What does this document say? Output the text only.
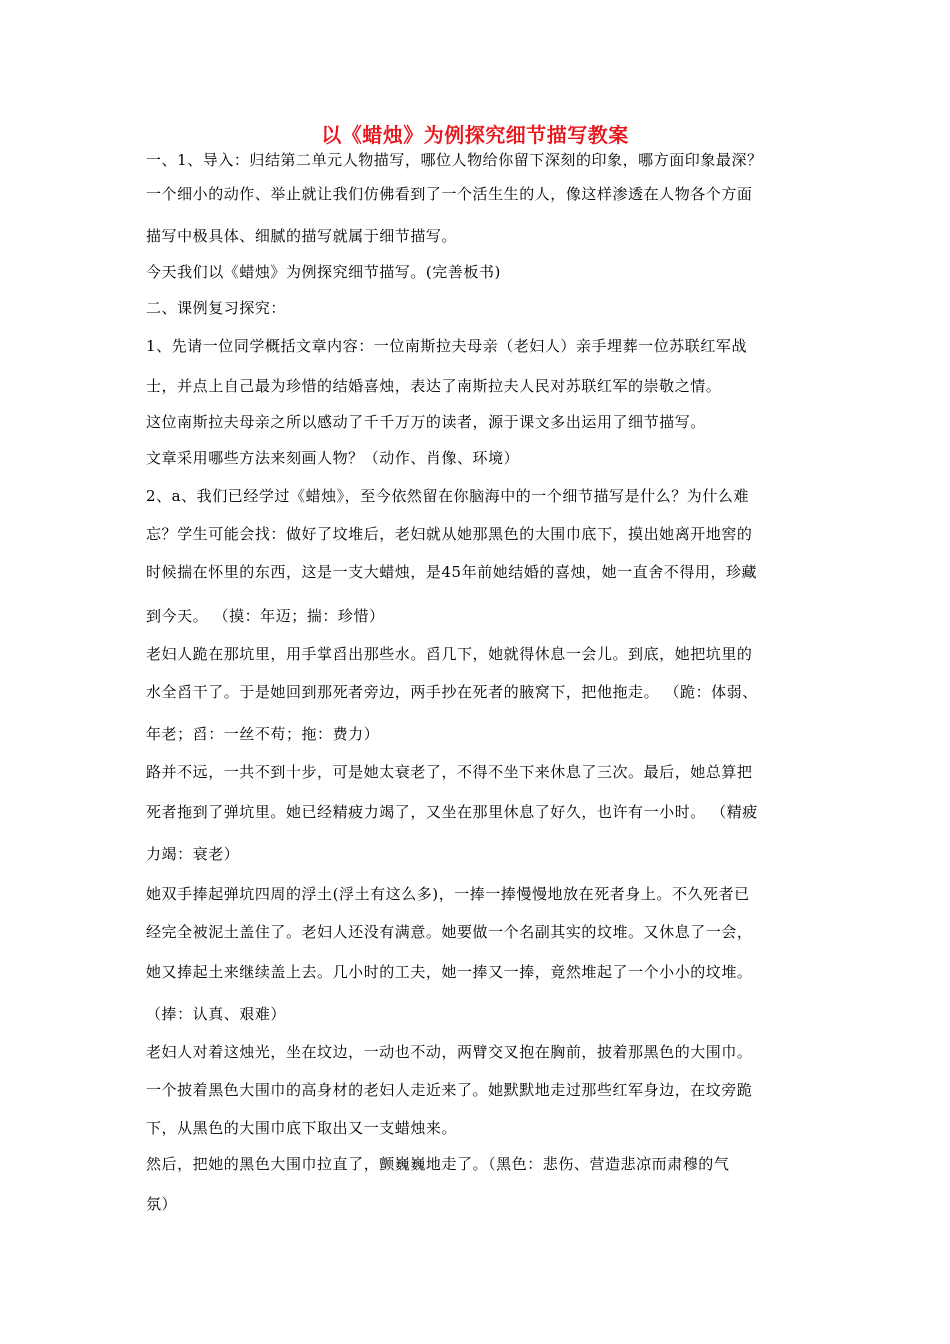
以《蜡烛》为例探究细节描写教案
一、1、导入：归结第二单元人物描写，哪位人物给你留下深刻的印象，哪方面印象最深？
一个细小的动作、举止就让我们仿佛看到了一个活生生的人，像这样渗透在人物各个方面
描写中极具体、细腻的描写就属于细节描写。
今天我们以《蜡烛》为例探究细节描写。(完善板书)
二、课例复习探究：
1、先请一位同学概括文章内容：一位南斯拉夫母亲（老妇人）亲手埋葬一位苏联红军战
士，并点上自己最为珍惜的结婚喜烛，表达了南斯拉夫人民对苏联红军的崇敬之情。
这位南斯拉夫母亲之所以感动了千千万万的读者，源于课文多出运用了细节描写。
文章采用哪些方法来刻画人物？（动作、肖像、环境）
2、a、我们已经学过《蜡烛》，至今依然留在你脑海中的一个细节描写是什么？为什么难
忘？学生可能会找：做好了坟堆后，老妇就从她那黑色的大围巾底下，摸出她离开地窖的
时候揣在怀里的东西，这是一支大蜡烛，是45年前她结婚的喜烛，她一直舍不得用，珍藏
到今天。 （摸：年迈；揣：珍惜）
老妇人跪在那坑里，用手掌舀出那些水。舀几下，她就得休息一会儿。到底，她把坑里的
水全舀干了。于是她回到那死者旁边，两手抄在死者的腋窝下，把他拖走。 （跪：体弱、
年老；舀：一丝不苟；拖：费力）
路并不远，一共不到十步，可是她太衰老了，不得不坐下来休息了三次。最后，她总算把
死者拖到了弹坑里。她已经精疲力竭了，又坐在那里休息了好久，也许有一小时。 （精疲
力竭：衰老）
她双手捧起弹坑四周的浮土(浮土有这么多)，一捧一捧慢慢地放在死者身上。不久死者已
经完全被泥土盖住了。老妇人还没有满意。她要做一个名副其实的坟堆。又休息了一会，
她又捧起土来继续盖上去。几小时的工夫，她一捧又一捧，竟然堆起了一个小小的坟堆。
（捧：认真、艰难）
老妇人对着这烛光，坐在坟边，一动也不动，两臂交叉抱在胸前，披着那黑色的大围巾。
一个披着黑色大围巾的高身材的老妇人走近来了。她默默地走过那些红军身边，在坟旁跪
下，从黑色的大围巾底下取出又一支蜡烛来。
然后，把她的黑色大围巾拉直了，颤巍巍地走了。（黑色：悲伤、营造悲凉而肃穆的气
氛）
